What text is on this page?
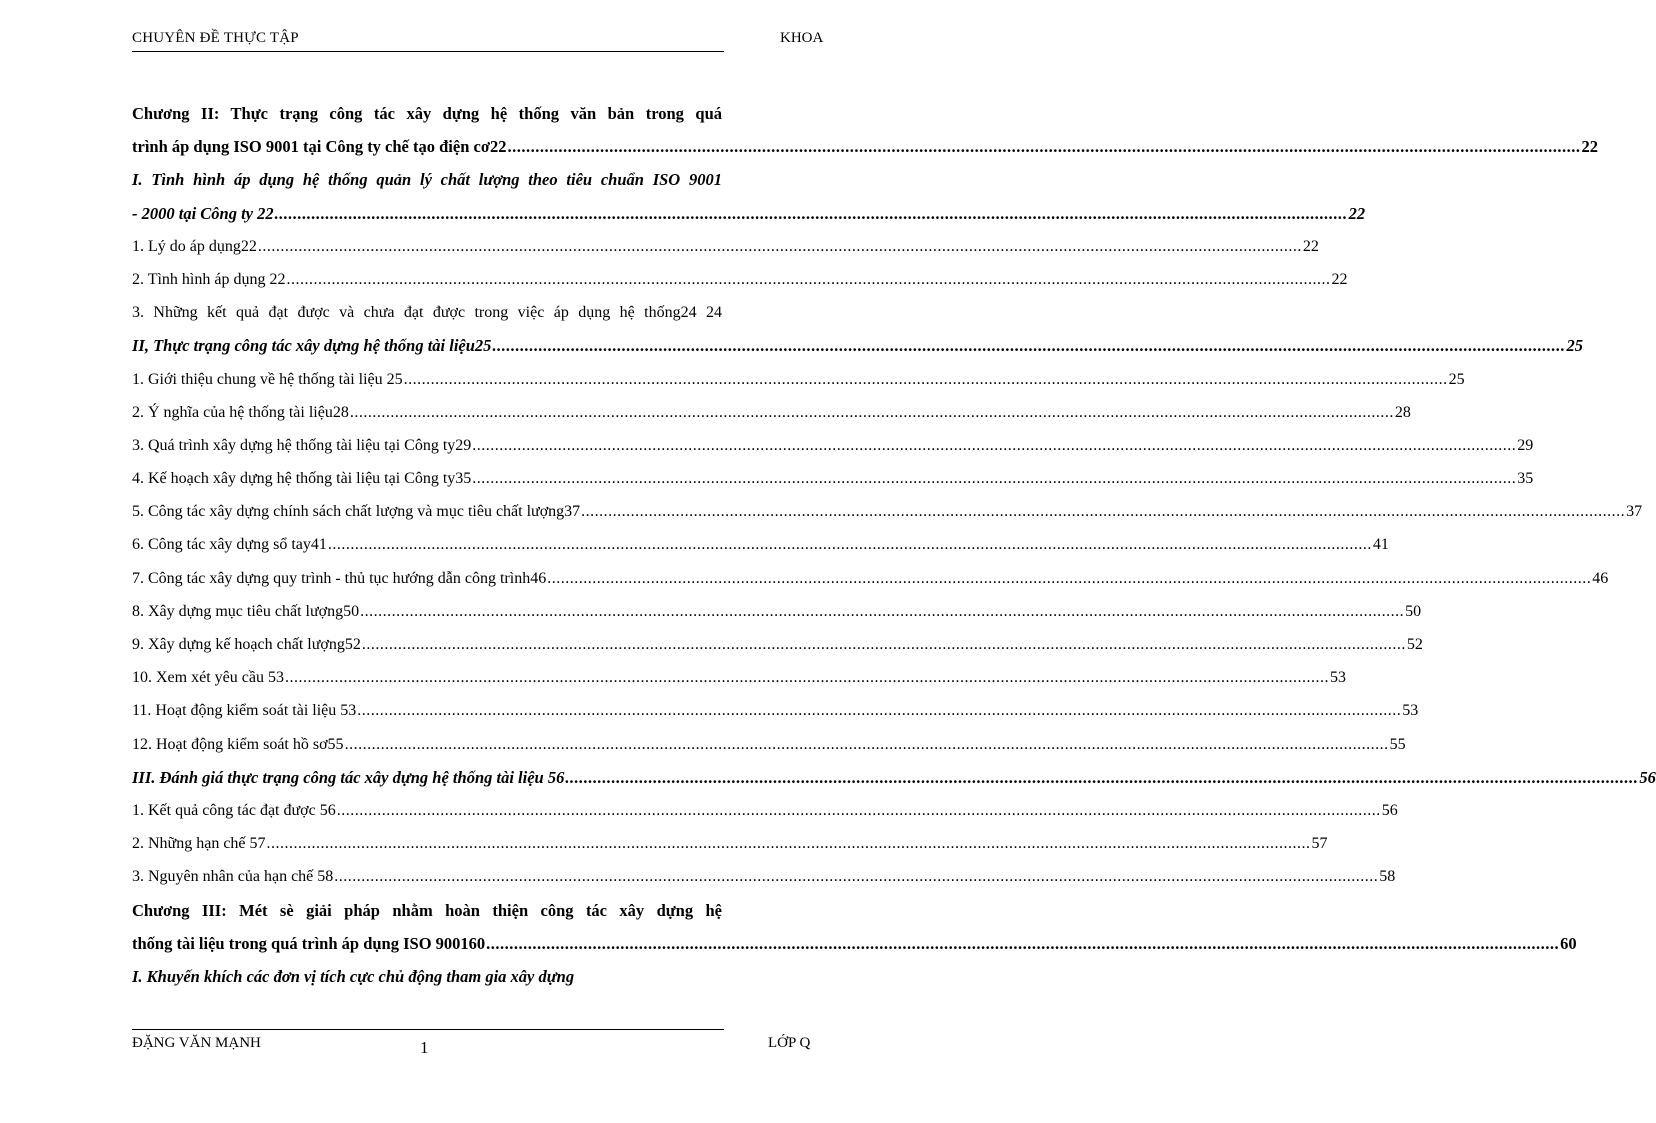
CHUYÊN ĐỀ THỰC TẬP	KHOA
Chương II: Thực trạng công tác xây dựng hệ thống văn bản trong quá
trình áp dụng ISO 9001 tại Công ty chế tạo điện cơ22 .....	22
I. Tình hình áp dụng hệ thống quản lý chất lượng theo tiêu chuẩn ISO 9001
- 2000 tại Công ty 22 .....	22
1. Lý do áp dụng22 .....	22
2. Tình hình áp dụng 22 .....	22
3. Những kết quả đạt được và chưa đạt được trong việc áp dụng hệ thống24 24
II, Thực trạng công tác xây dựng hệ thống tài liệu25 .....	25
1. Giới thiệu chung về hệ thống tài liệu 25 .....	25
2. Ý nghĩa của hệ thống tài liệu28 .....	28
3. Quá trình xây dựng hệ thống tài liệu tại Công ty29 .....	29
4. Kế hoạch xây dựng hệ thống tài liệu tại Công ty35 .....	35
5. Công tác xây dựng chính sách chất lượng và mục tiêu chất lượng37 .....	37
6. Công tác xây dựng sổ tay41 .....	41
7. Công tác xây dựng quy trình - thủ tục hướng dẫn công trình46 .....	46
8. Xây dựng mục tiêu chất lượng50 .....	50
9. Xây dựng kế hoạch chất lượng52 .....	52
10. Xem xét yêu cầu 53 .....	53
11. Hoạt động kiểm soát tài liệu 53 .....	53
12. Hoạt động kiểm soát hồ sơ55 .....	55
III. Đánh giá thực trạng công tác xây dựng hệ thống tài liệu 56 .....	56
1. Kết quả công tác đạt được 56 .....	56
2. Những hạn chế 57 .....	57
3. Nguyên nhân của hạn chế 58 .....	58
Chương III: Mét sè giải pháp nhằm hoàn thiện công tác xây dựng hệ
thống tài liệu trong quá trình áp dụng ISO 900160 .....	60
I. Khuyến khích các đơn vị tích cực chủ động tham gia xây dựng
ĐẶNG VĂN MẠNH	1	LỚP Q
